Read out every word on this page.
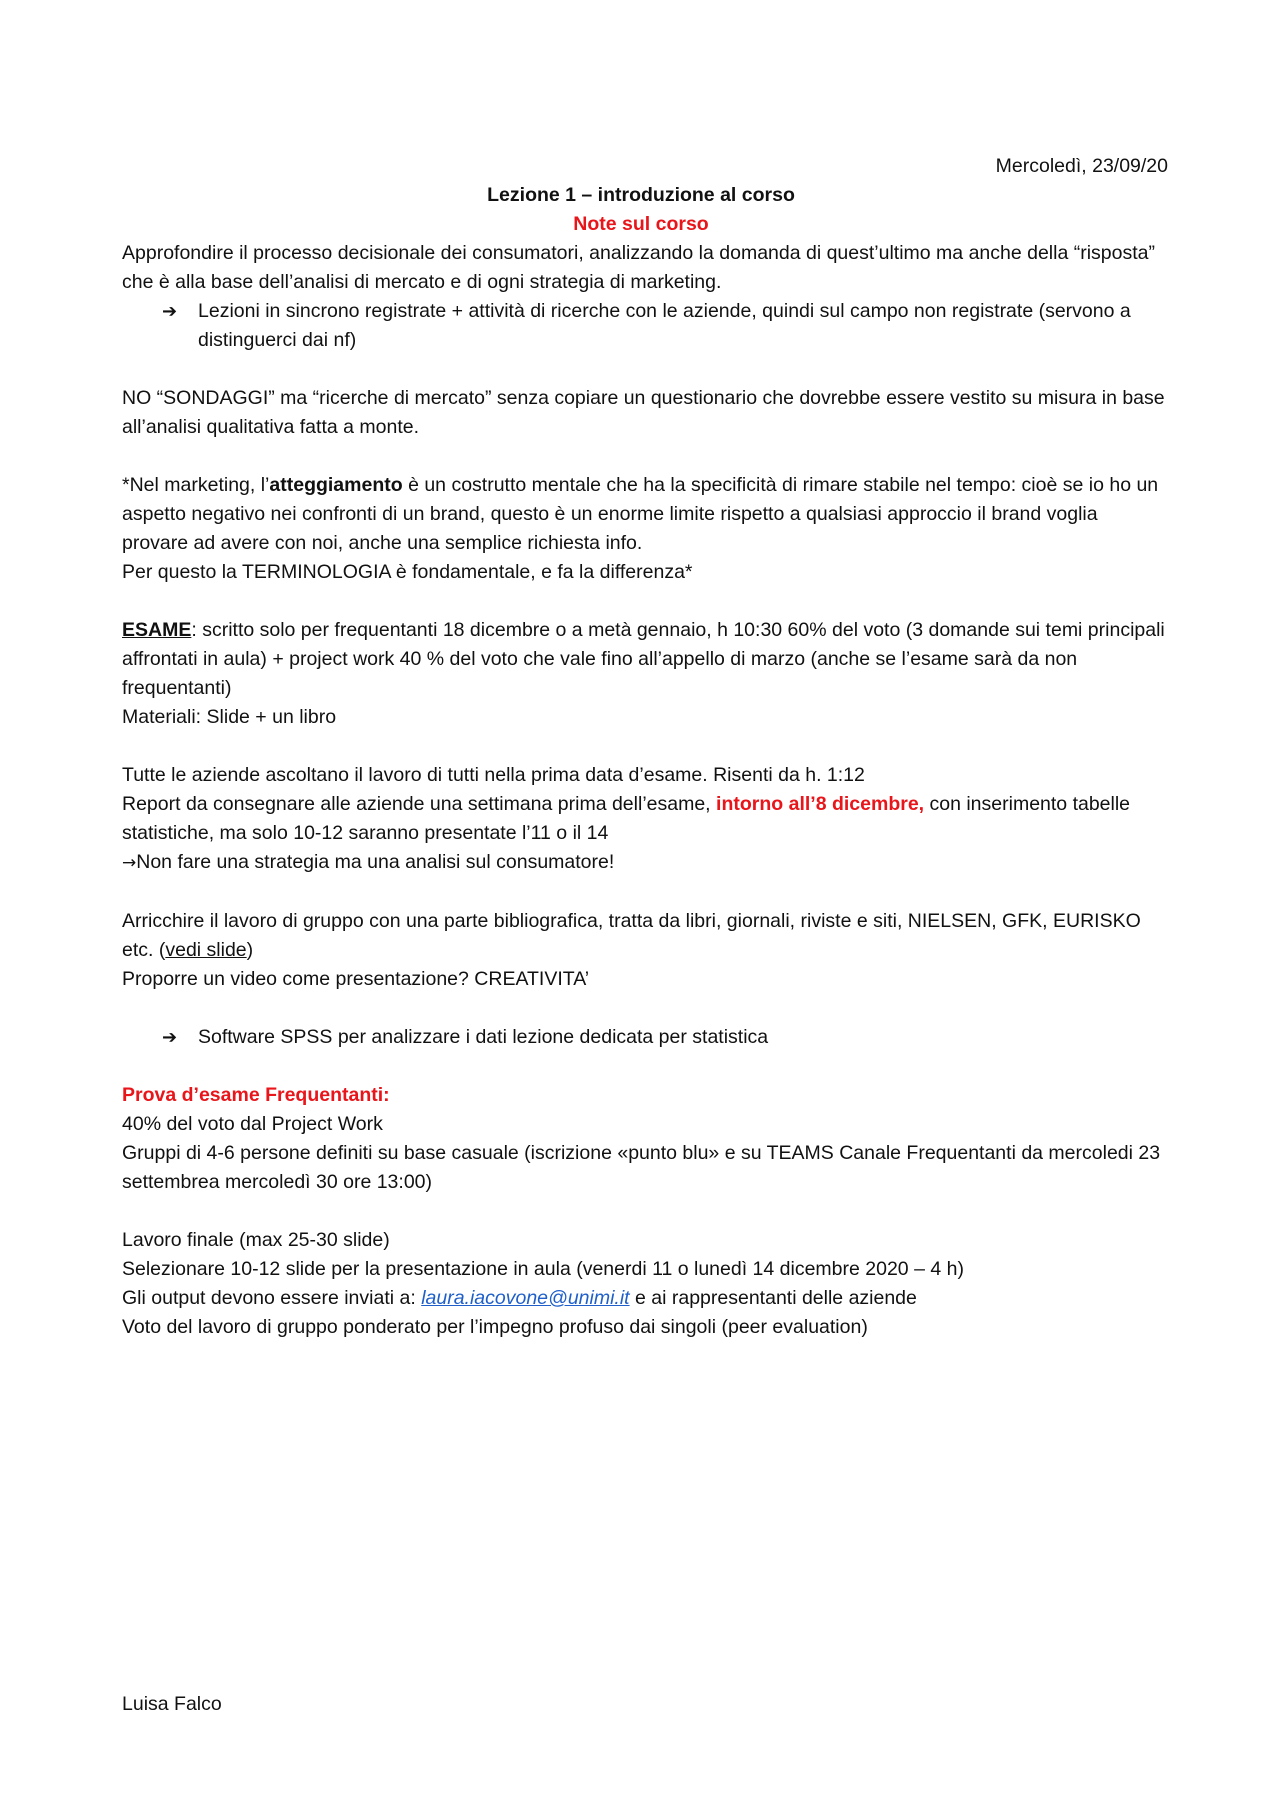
Mercoledì, 23/09/20

Lezione 1 – introduzione al corso

Note sul corso

Approfondire il processo decisionale dei consumatori, analizzando la domanda di quest’ultimo ma anche della “risposta” che è alla base dell’analisi di mercato e di ogni strategia di marketing.

➔ Lezioni in sincrono registrate + attività di ricerche con le aziende, quindi sul campo non registrate (servono a distinguerci dai nf)

NO “SONDAGGI” ma “ricerche di mercato” senza copiare un questionario che dovrebbe essere vestito su misura in base all’analisi qualitativa fatta a monte.

*Nel marketing, l’atteggiamento è un costrutto mentale che ha la specificità di rimare stabile nel tempo: cioè se io ho un aspetto negativo nei confronti di un brand, questo è un enorme limite rispetto a qualsiasi approccio il brand voglia provare ad avere con noi, anche una semplice richiesta info.

Per questo la TERMINOLOGIA è fondamentale, e fa la differenza*

ESAME: scritto solo per frequentanti 18 dicembre o a metà gennaio, h 10:30 60% del voto (3 domande sui temi principali affrontati in aula) + project work 40 % del voto che vale fino all’appello di marzo (anche se l’esame sarà da non frequentanti)

Materiali: Slide + un libro

Tutte le aziende ascoltano il lavoro di tutti nella prima data d’esame. Risenti da h. 1:12

Report da consegnare alle aziende una settimana prima dell’esame, intorno all’8 dicembre, con inserimento tabelle statistiche, ma solo 10-12 saranno presentate l’11 o il 14

→Non fare una strategia ma una analisi sul consumatore!

Arricchire il lavoro di gruppo con una parte bibliografica, tratta da libri, giornali, riviste e siti, NIELSEN, GFK, EURISKO etc. (vedi slide)

Proporre un video come presentazione? CREATIVITA’

➔ Software SPSS per analizzare i dati lezione dedicata per statistica

Prova d’esame Frequentanti:

40% del voto dal Project Work

Gruppi di 4-6 persone definiti su base casuale (iscrizione «punto blu» e su TEAMS Canale Frequentanti da mercoledi 23 settembrea mercoledì 30 ore 13:00)

Lavoro finale (max 25-30 slide)

Selezionare 10-12 slide per la presentazione in aula (venerdi 11 o lunedì 14 dicembre 2020 – 4 h)

Gli output devono essere inviati a: laura.iacovone@unimi.it e ai rappresentanti delle aziende

Voto del lavoro di gruppo ponderato per l’impegno profuso dai singoli (peer evaluation)

Luisa Falco
